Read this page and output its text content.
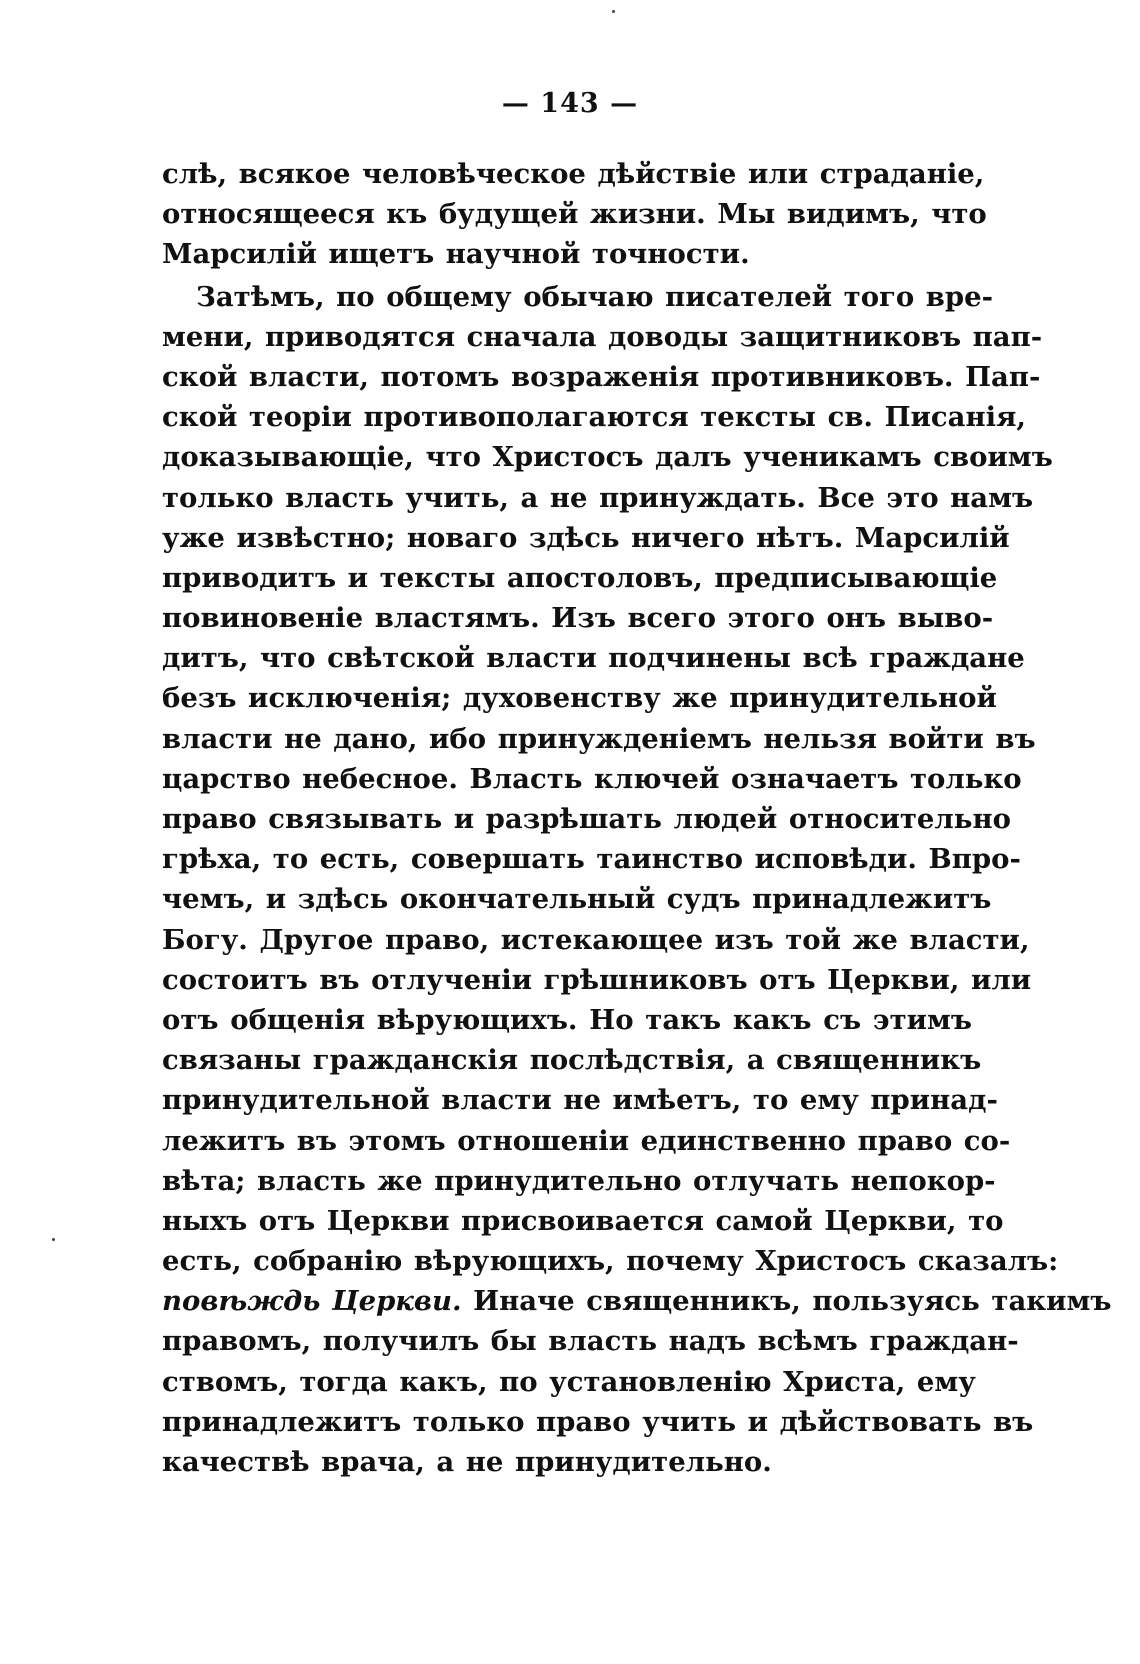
— 143 —
слѣ, всякое человѣческое дѣйствіе или страданіе,
относящееся къ будущей жизни. Мы видимъ, что
Марсилій ищетъ научной точности.
Затѣмъ, по общему обычаю писателей того вре-
мени, приводятся сначала доводы защитниковъ пап-
ской власти, потомъ возраженія противниковъ. Пап-
ской теоріи противополагаются тексты св. Писанія,
доказывающіе, что Христосъ далъ ученикамъ своимъ
только власть учить, а не принуждать. Все это намъ
уже извѣстно; новаго здѣсь ничего нѣтъ. Марсилій
приводитъ и тексты апостоловъ, предписывающіе
повиновеніе властямъ. Изъ всего этого онъ выво-
дитъ, что свѣтской власти подчинены всѣ граждане
безъ исключенія; духовенству же принудительной
власти не дано, ибо принужденіемъ нельзя войти въ
царство небесное. Власть ключей означаетъ только
право связывать и разрѣшать людей относительно
грѣха, то есть, совершать таинство исповѣди. Впро-
чемъ, и здѣсь окончательный судъ принадлежитъ
Богу. Другое право, истекающее изъ той же власти,
состоитъ въ отлученіи грѣшниковъ отъ Церкви, или
отъ общенія вѣрующихъ. Но такъ какъ съ этимъ
связаны гражданскія послѣдствія, а священникъ
принудительной власти не имѣетъ, то ему принад-
лежитъ въ этомъ отношеніи единственно право со-
вѣта; власть же принудительно отлучать непокор-
ныхъ отъ Церкви присвоивается самой Церкви, то
есть, собранію вѣрующихъ, почему Христосъ сказалъ:
повѣждь Церкви. Иначе священникъ, пользуясь такимъ
правомъ, получилъ бы власть надъ всѣмъ граждан-
ствомъ, тогда какъ, по установленію Христа, ему
принадлежитъ только право учить и дѣйствовать въ
качествѣ врача, а не принудительно.
